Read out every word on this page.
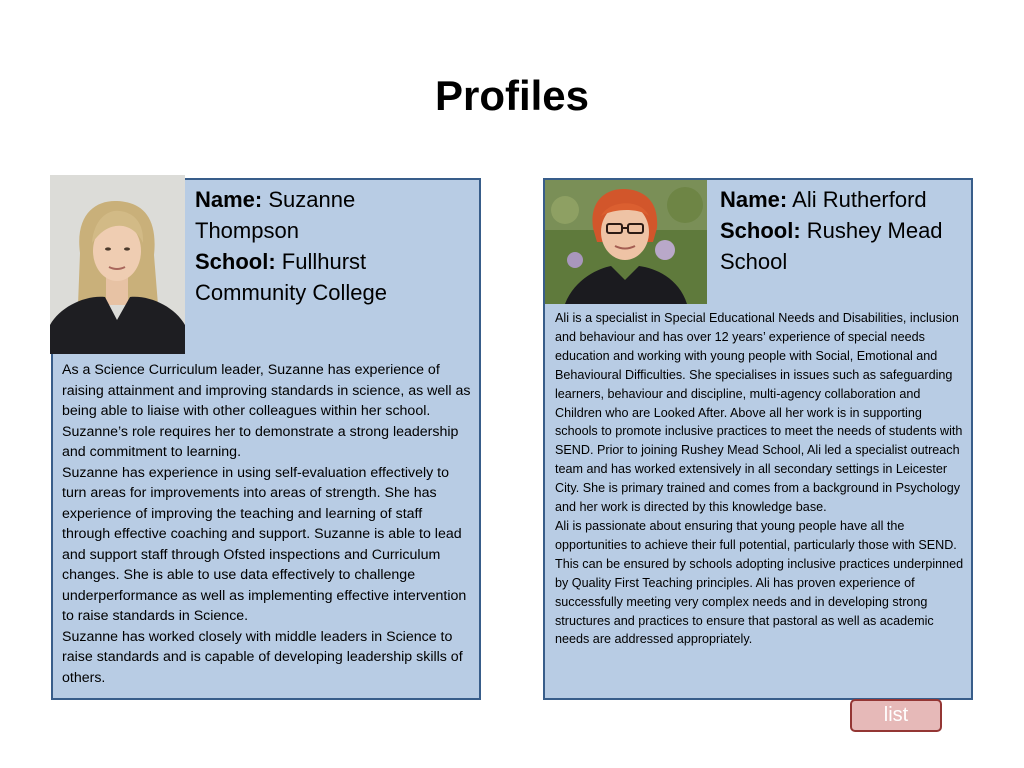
Profiles
Name: Suzanne Thompson
School: Fullhurst Community College

As a Science Curriculum leader, Suzanne has experience of raising attainment and improving standards in science, as well as being able to liaise with other colleagues within her school. Suzanne’s role requires her to demonstrate a strong leadership and commitment to learning.

Suzanne has experience in using self-evaluation effectively to turn areas for improvements into areas of strength. She has experience of improving the teaching and learning of staff through effective coaching and support. Suzanne is able to lead and support staff through Ofsted inspections and Curriculum changes. She is able to use data effectively to challenge underperformance as well as implementing effective intervention to raise standards in Science.

Suzanne has worked closely with middle leaders in Science to raise standards and is capable of developing leadership skills of others.

Name: Ali Rutherford
School: Rushey Mead School

Ali is a specialist in Special Educational Needs and Disabilities, inclusion and behaviour and has over 12 years’ experience of special needs education and working with young people with Social, Emotional and Behavioural Difficulties. She specialises in issues such as safeguarding learners, behaviour and discipline, multi-agency collaboration and Children who are Looked After. Above all her work is in supporting schools to promote inclusive practices to meet the needs of students with SEND. Prior to joining Rushey Mead School, Ali led a specialist outreach team and has worked extensively in all secondary settings in Leicester City. She is primary trained and comes from a background in Psychology and her work is directed by this knowledge base.

Ali is passionate about ensuring that young people have all the opportunities to achieve their full potential, particularly those with SEND. This can be ensured by schools adopting inclusive practices underpinned by Quality First Teaching principles. Ali has proven experience of successfully meeting very complex needs and in developing strong structures and practices to ensure that pastoral as well as academic needs are addressed appropriately.

list
